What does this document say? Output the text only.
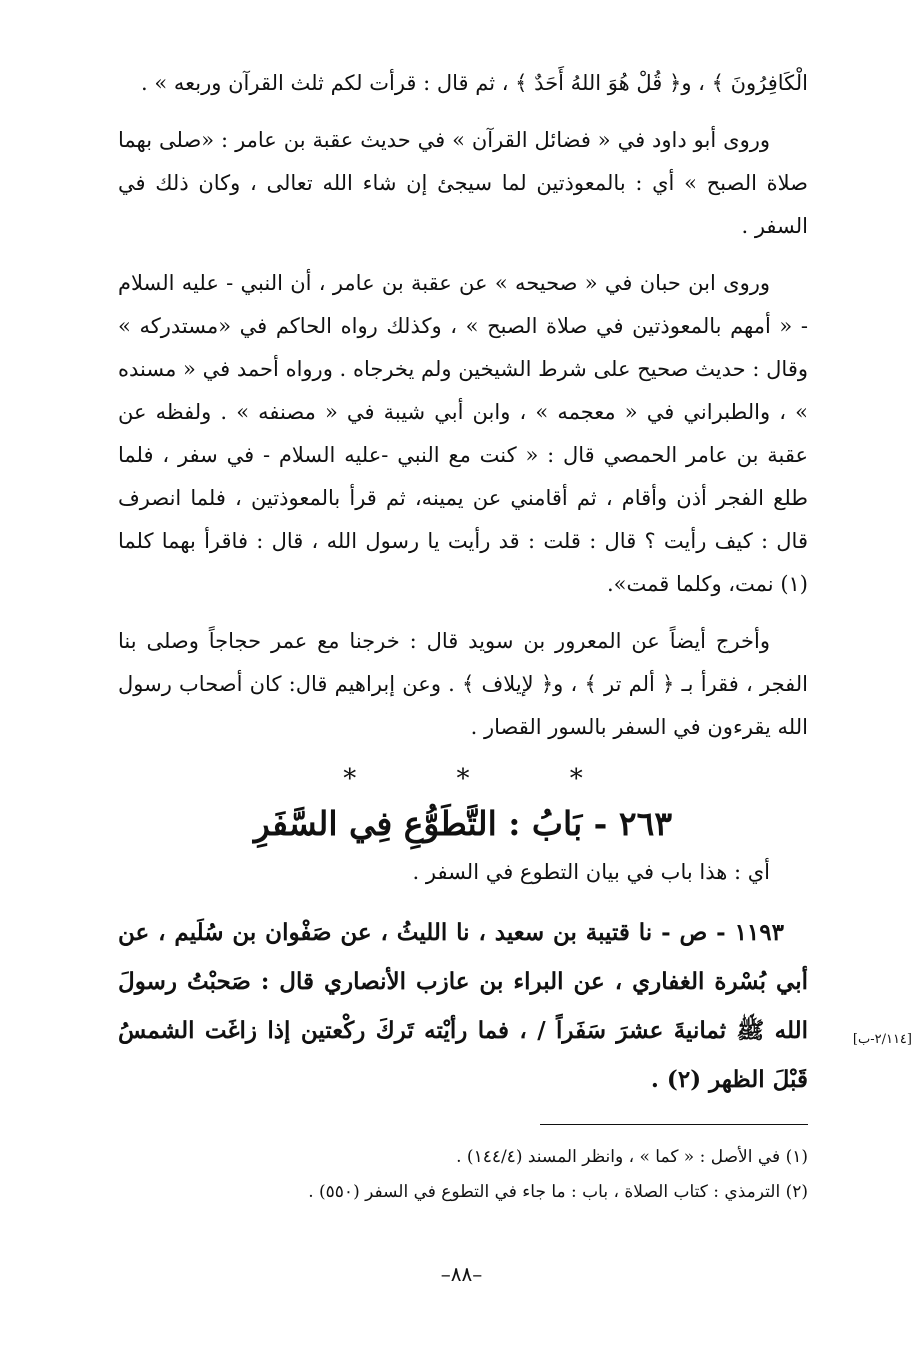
الْكَافِرُونَ ﴾ ، و﴿ قُلْ هُوَ اللهُ أَحَدٌ ﴾ ، ثم قال : قرأت لكم ثلث القرآن وربعه » .

وروى أبو داود في « فضائل القرآن » في حديث عقبة بن عامر : «صلى بهما صلاة الصبح » أي : بالمعوذتين لما سيجئ إن شاء الله تعالى ، وكان ذلك في السفر .

وروى ابن حبان في « صحيحه » عن عقبة بن عامر ، أن النبي - عليه السلام - « أمهم بالمعوذتين في صلاة الصبح » ، وكذلك رواه الحاكم في «مستدركه » وقال : حديث صحيح على شرط الشيخين ولم يخرجاه . ورواه أحمد في « مسنده » ، والطبراني في « معجمه » ، وابن أبي شيبة في « مصنفه » . ولفظه عن عقبة بن عامر الحمصي قال : « كنت مع النبي -عليه السلام - في سفر ، فلما طلع الفجر أذن وأقام ، ثم أقامني عن يمينه، ثم قرأ بالمعوذتين ، فلما انصرف قال : كيف رأيت ؟ قال : قلت : قد رأيت يا رسول الله ، قال : فاقرأ بهما كلما (١) نمت، وكلما قمت».

وأخرج أيضاً عن المعرور بن سويد قال : خرجنا مع عمر حجاجاً وصلى بنا الفجر ، فقرأ بـ ﴿ ألم تر ﴾ ، و﴿ لإيلاف ﴾ . وعن إبراهيم قال: كان أصحاب رسول الله يقرءون في السفر بالسور القصار .

* * *
٢٦٣ - بَابُ : التَّطَوُّعِ فِي السَّفَرِ

أي : هذا باب في بيان التطوع في السفر .

١١٩٣ - ص - نا قتيبة بن سعيد ، نا الليثُ ، عن صَفْوان بن سُلَيم ، عن أبي بُسْرة الغفاري ، عن البراء بن عازب الأنصاري قال : صَحبْتُ رسولَ الله ﷺ ثمانيةَ عشرَ سَفَراً / ، فما رأيْته تَركَ ركْعتين إذا زاغَت الشمسُ قَبْلَ الظهر (٢) .

[٢/١١٤-ب]

(١) في الأصل : « كما » ، وانظر المسند (١٤٤/٤) .

(٢) الترمذي : كتاب الصلاة ، باب : ما جاء في التطوع في السفر (٥٥٠) .

–٨٨–
